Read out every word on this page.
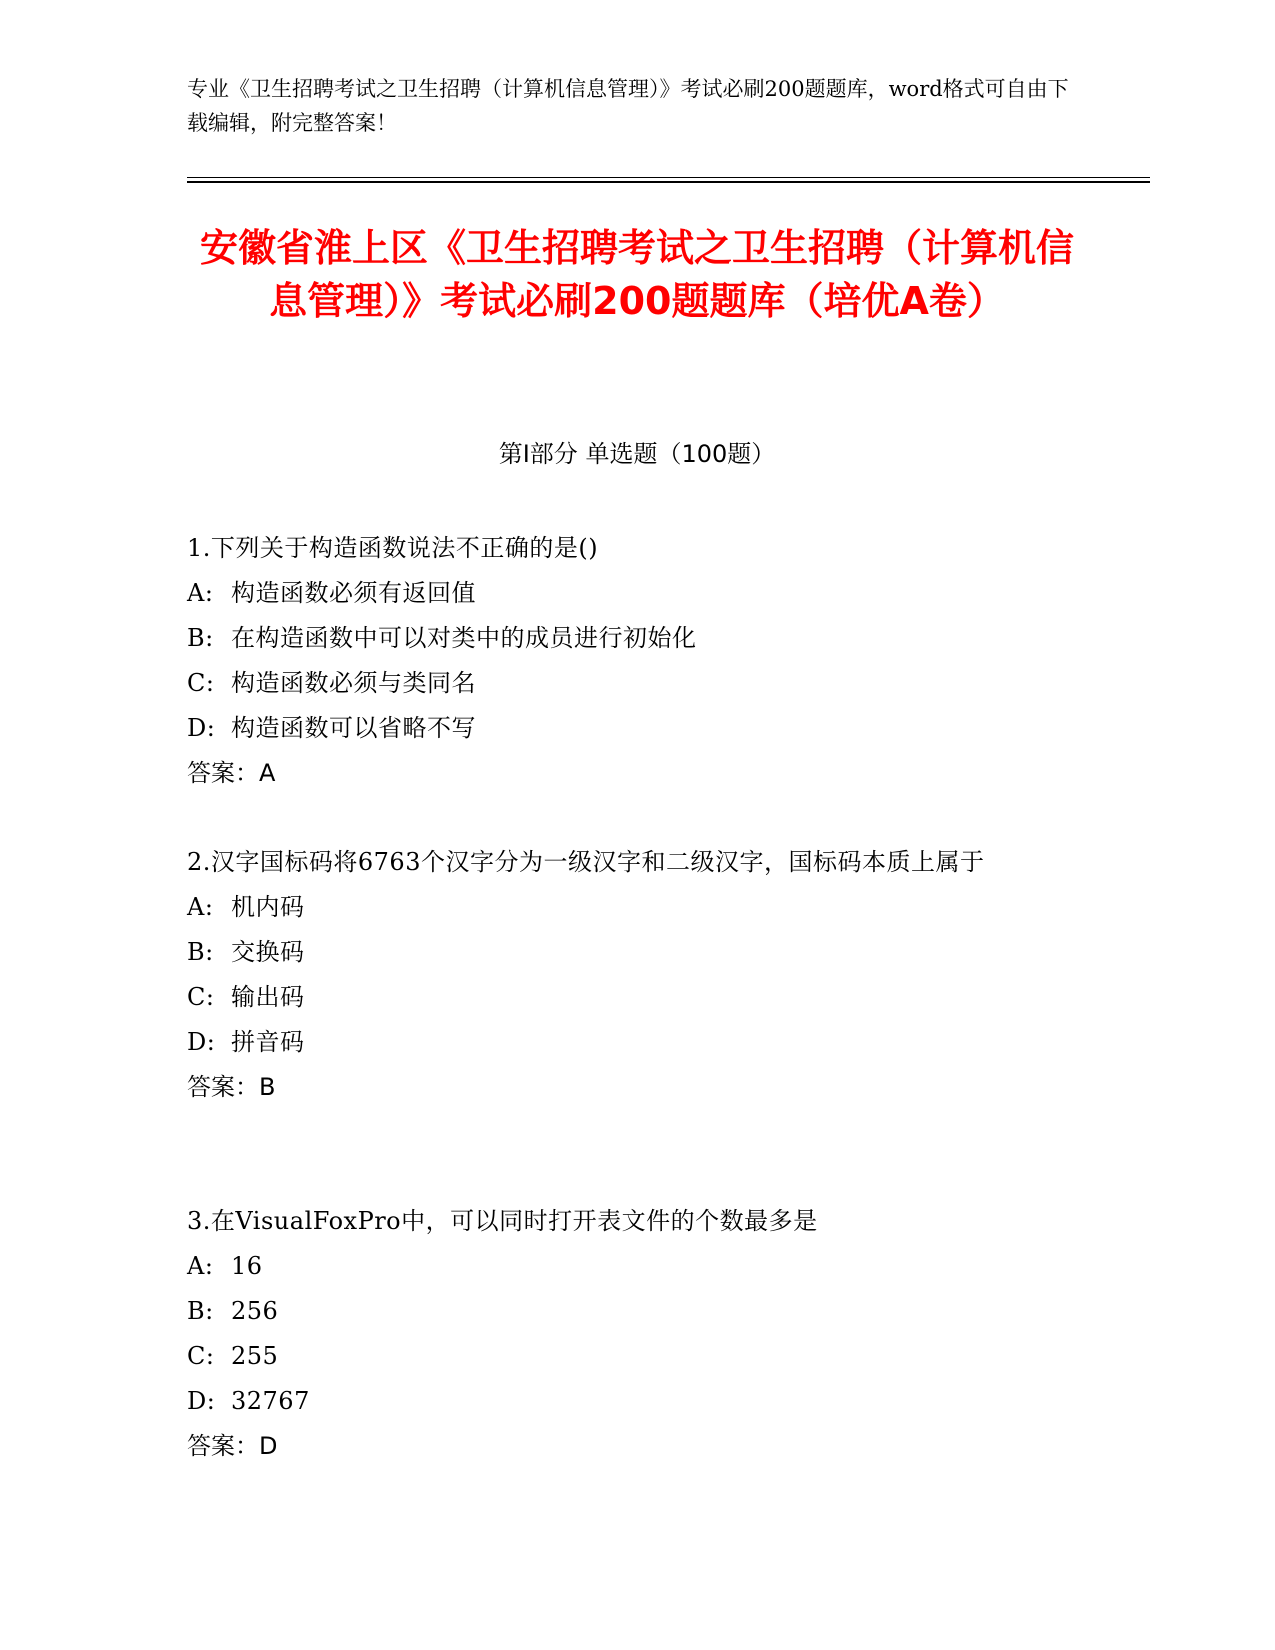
专业《卫生招聘考试之卫生招聘（计算机信息管理）》考试必刷200题题库，word格式可自由下载编辑，附完整答案！
安徽省淮上区《卫生招聘考试之卫生招聘（计算机信息管理）》考试必刷200题题库（培优A卷）
第I部分 单选题（100题）
1.下列关于构造函数说法不正确的是()
A: 构造函数必须有返回值
B: 在构造函数中可以对类中的成员进行初始化
C: 构造函数必须与类同名
D: 构造函数可以省略不写
答案：A
2.汉字国标码将6763个汉字分为一级汉字和二级汉字，国标码本质上属于
A: 机内码
B: 交换码
C: 输出码
D: 拼音码
答案：B
3.在VisualFoxPro中，可以同时打开表文件的个数最多是
A: 16
B: 256
C: 255
D: 32767
答案：D
